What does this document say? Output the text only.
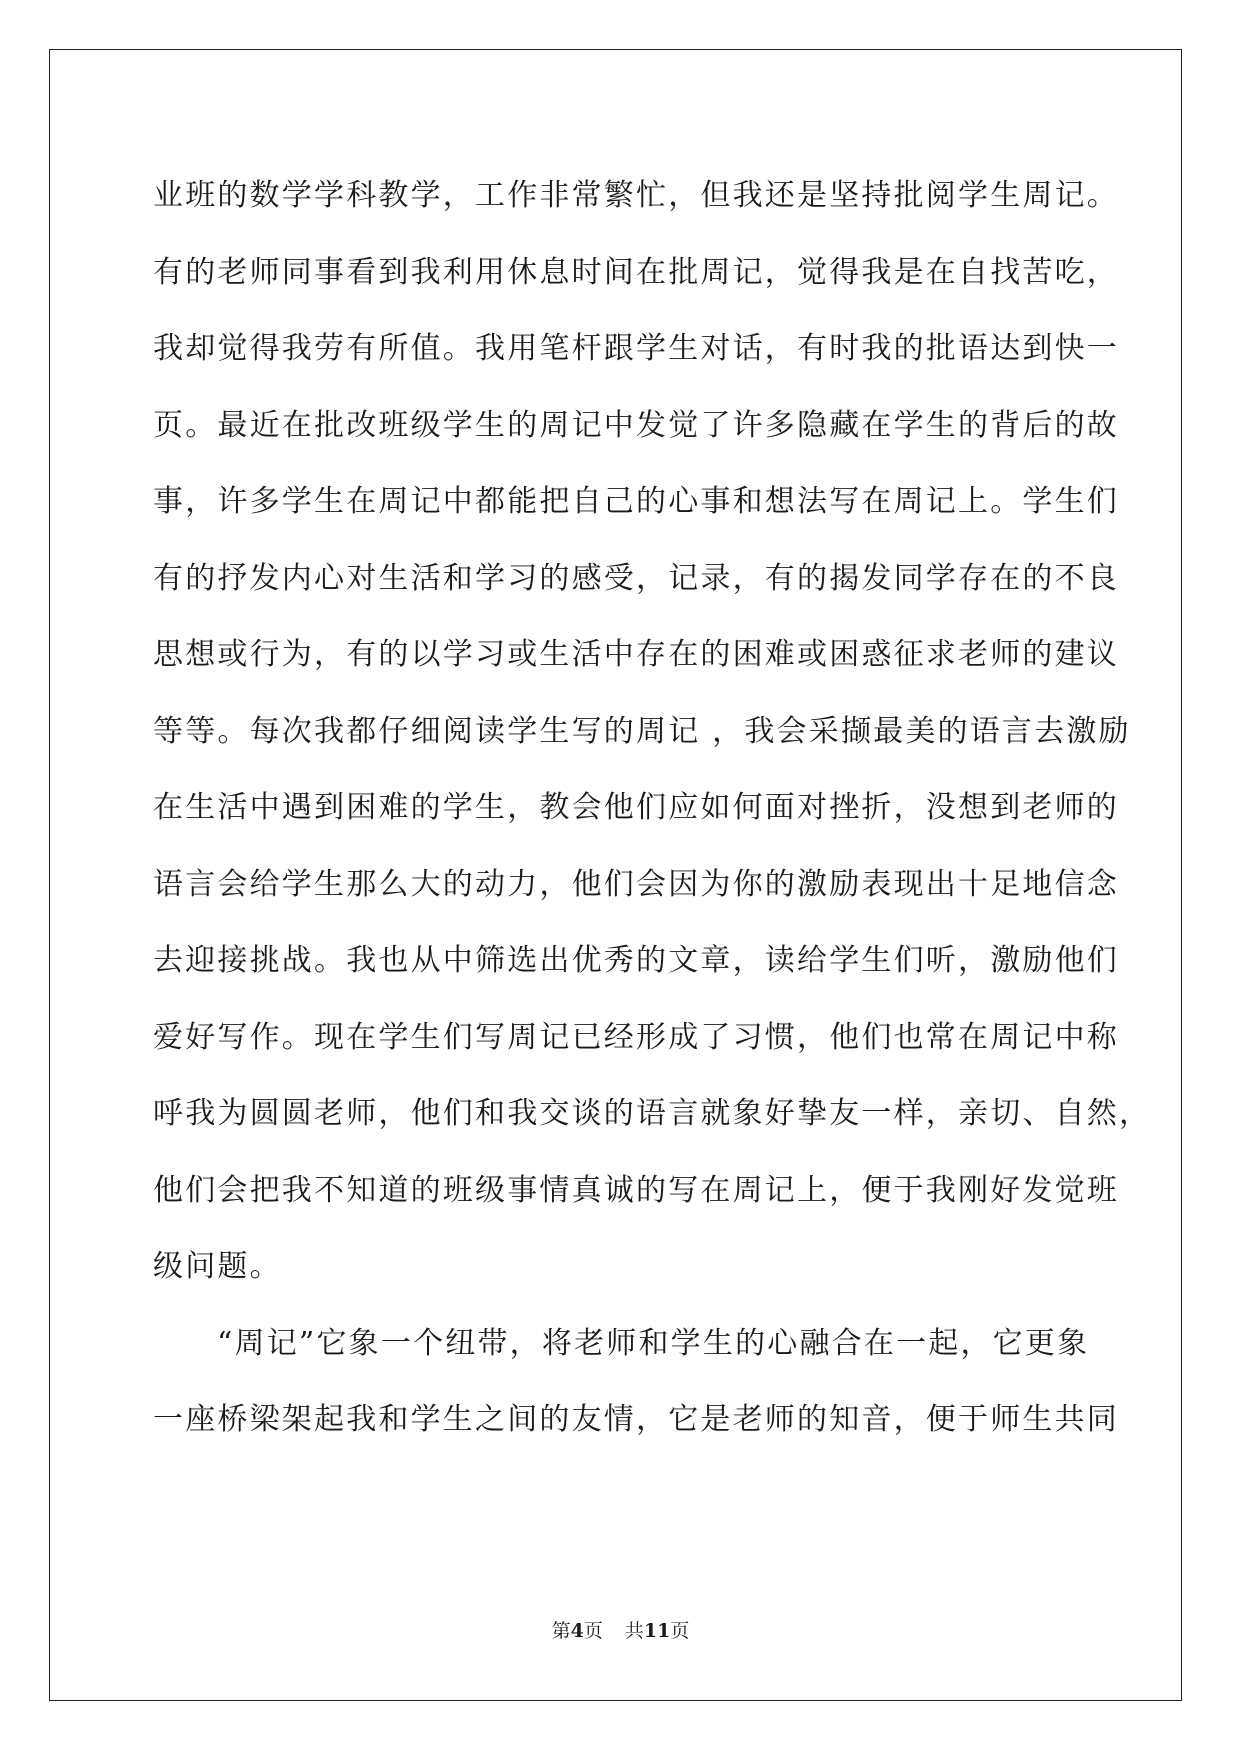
业班的数学学科教学，工作非常繁忙，但我还是坚持批阅学生周记。
有的老师同事看到我利用休息时间在批周记，觉得我是在自找苦吃，
我却觉得我劳有所值。我用笔杆跟学生对话，有时我的批语达到快一
页。最近在批改班级学生的周记中发觉了许多隐藏在学生的背后的故
事，许多学生在周记中都能把自己的心事和想法写在周记上。学生们
有的抒发内心对生活和学习的感受，记录，有的揭发同学存在的不良
思想或行为，有的以学习或生活中存在的困难或困惑征求老师的建议
等等。每次我都仔细阅读学生写的周记 ，我会采撷最美的语言去激励
在生活中遇到困难的学生，教会他们应如何面对挫折，没想到老师的
语言会给学生那么大的动力，他们会因为你的激励表现出十足地信念
去迎接挑战。我也从中筛选出优秀的文章，读给学生们听，激励他们
爱好写作。现在学生们写周记已经形成了习惯，他们也常在周记中称
呼我为圆圆老师，他们和我交谈的语言就象好挚友一样，亲切、自然，
他们会把我不知道的班级事情真诚的写在周记上，便于我刚好发觉班
级问题。
“周记”它象一个纽带，将老师和学生的心融合在一起，它更象
一座桥梁架起我和学生之间的友情，它是老师的知音，便于师生共同
第4页 共11页
